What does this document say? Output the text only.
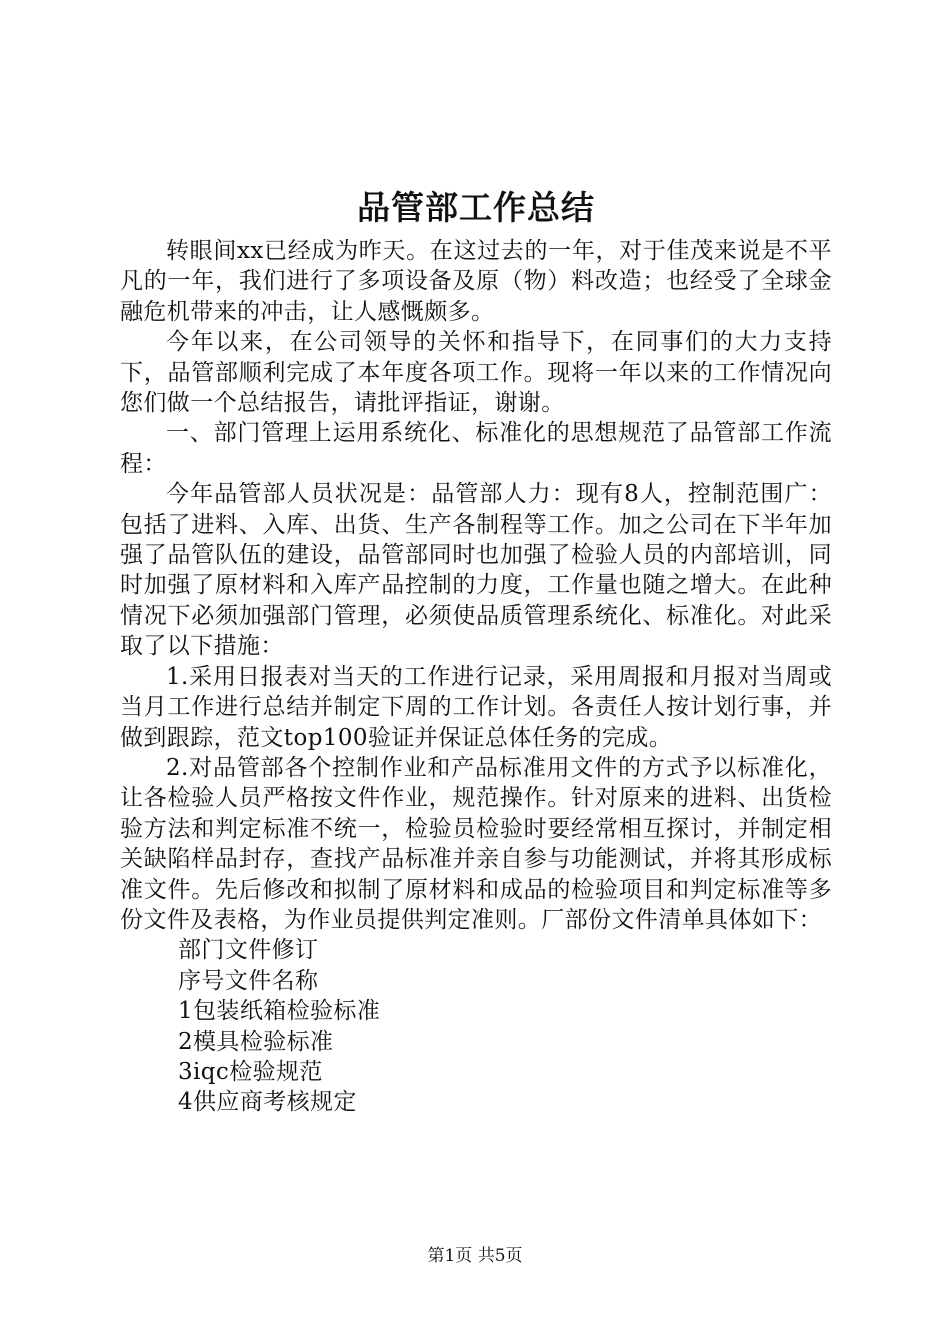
品管部工作总结

转眼间xx已经成为昨天。在这过去的一年，对于佳茂来说是不平凡的一年，我们进行了多项设备及原（物）料改造；也经受了全球金融危机带来的冲击，让人感慨颇多。

今年以来，在公司领导的关怀和指导下，在同事们的大力支持下，品管部顺利完成了本年度各项工作。现将一年以来的工作情况向您们做一个总结报告，请批评指证，谢谢。

一、部门管理上运用系统化、标准化的思想规范了品管部工作流程：

今年品管部人员状况是：品管部人力：现有8人，控制范围广：包括了进料、入库、出货、生产各制程等工作。加之公司在下半年加强了品管队伍的建设，品管部同时也加强了检验人员的内部培训，同时加强了原材料和入库产品控制的力度，工作量也随之增大。在此种情况下必须加强部门管理，必须使品质管理系统化、标准化。对此采取了以下措施：

1.采用日报表对当天的工作进行记录，采用周报和月报对当周或当月工作进行总结并制定下周的工作计划。各责任人按计划行事，并做到跟踪，范文top100验证并保证总体任务的完成。

2.对品管部各个控制作业和产品标准用文件的方式予以标准化，让各检验人员严格按文件作业，规范操作。针对原来的进料、出货检验方法和判定标准不统一，检验员检验时要经常相互探讨，并制定相关缺陷样品封存，查找产品标准并亲自参与功能测试，并将其形成标准文件。先后修改和拟制了原材料和成品的检验项目和判定标准等多份文件及表格，为作业员提供判定准则。厂部份文件清单具体如下：

部门文件修订

序号文件名称

1包装纸箱检验标准

2模具检验标准

3iqc检验规范

4供应商考核规定

第1页 共5页
